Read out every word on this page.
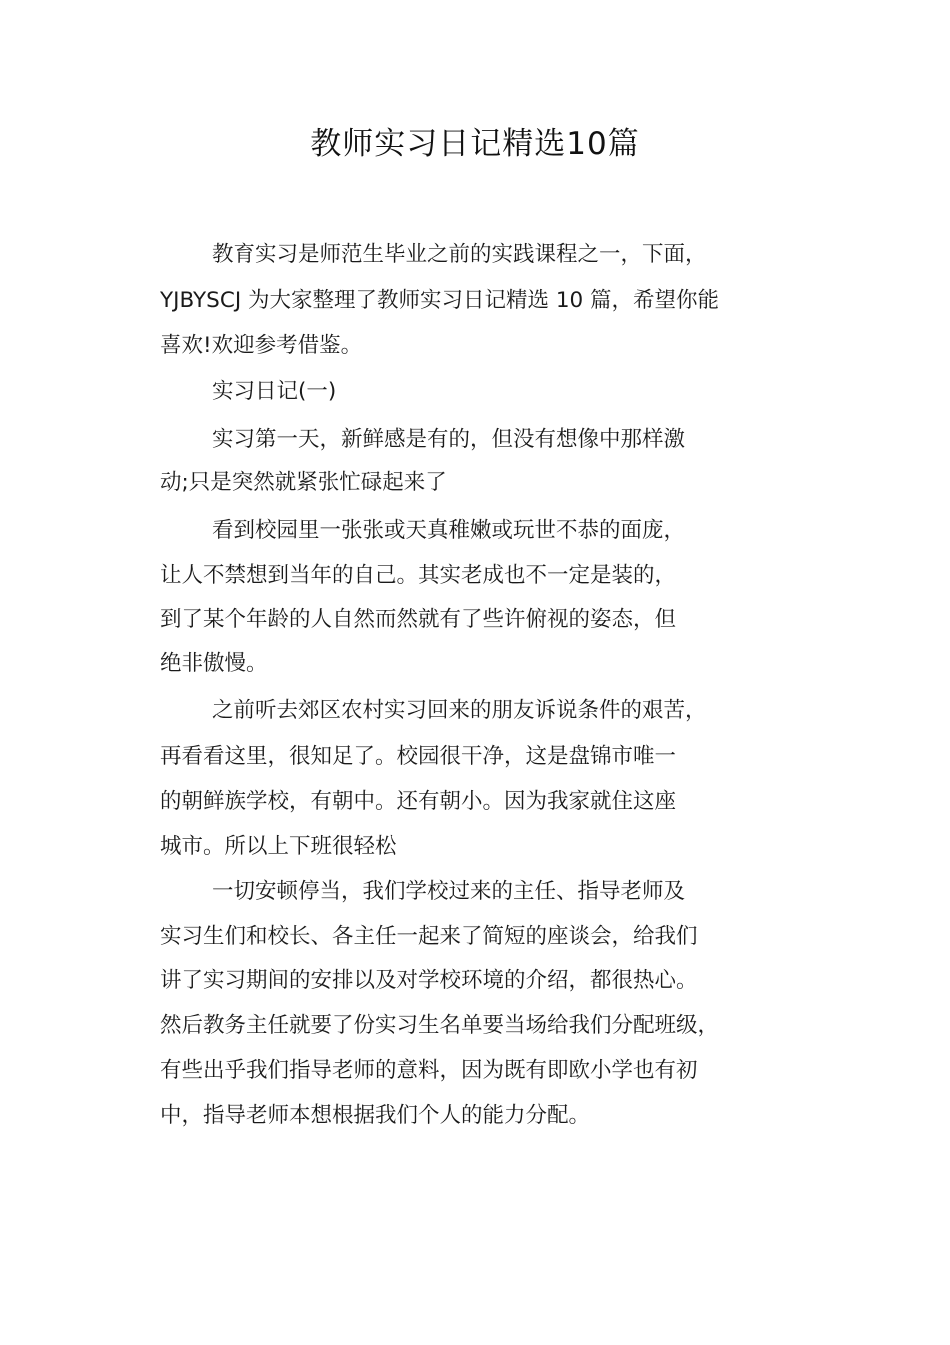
教师实习日记精选10篇
教育实习是师范生毕业之前的实践课程之一，下面，
YJBYSCJ 为大家整理了教师实习日记精选 10 篇，希望你能
喜欢!欢迎参考借鉴。
实习日记(一)
实习第一天，新鲜感是有的，但没有想像中那样激
动;只是突然就紧张忙碌起来了
看到校园里一张张或天真稚嫩或玩世不恭的面庞，
让人不禁想到当年的自己。其实老成也不一定是装的，
到了某个年龄的人自然而然就有了些许俯视的姿态，但
绝非傲慢。
之前听去郊区农村实习回来的朋友诉说条件的艰苦，
再看看这里，很知足了。校园很干净，这是盘锦市唯一
的朝鲜族学校，有朝中。还有朝小。因为我家就住这座
城市。所以上下班很轻松
一切安顿停当，我们学校过来的主任、指导老师及
实习生们和校长、各主任一起来了简短的座谈会，给我们
讲了实习期间的安排以及对学校环境的介绍，都很热心。
然后教务主任就要了份实习生名单要当场给我们分配班级，
有些出乎我们指导老师的意料，因为既有即欧小学也有初
中，指导老师本想根据我们个人的能力分配。
